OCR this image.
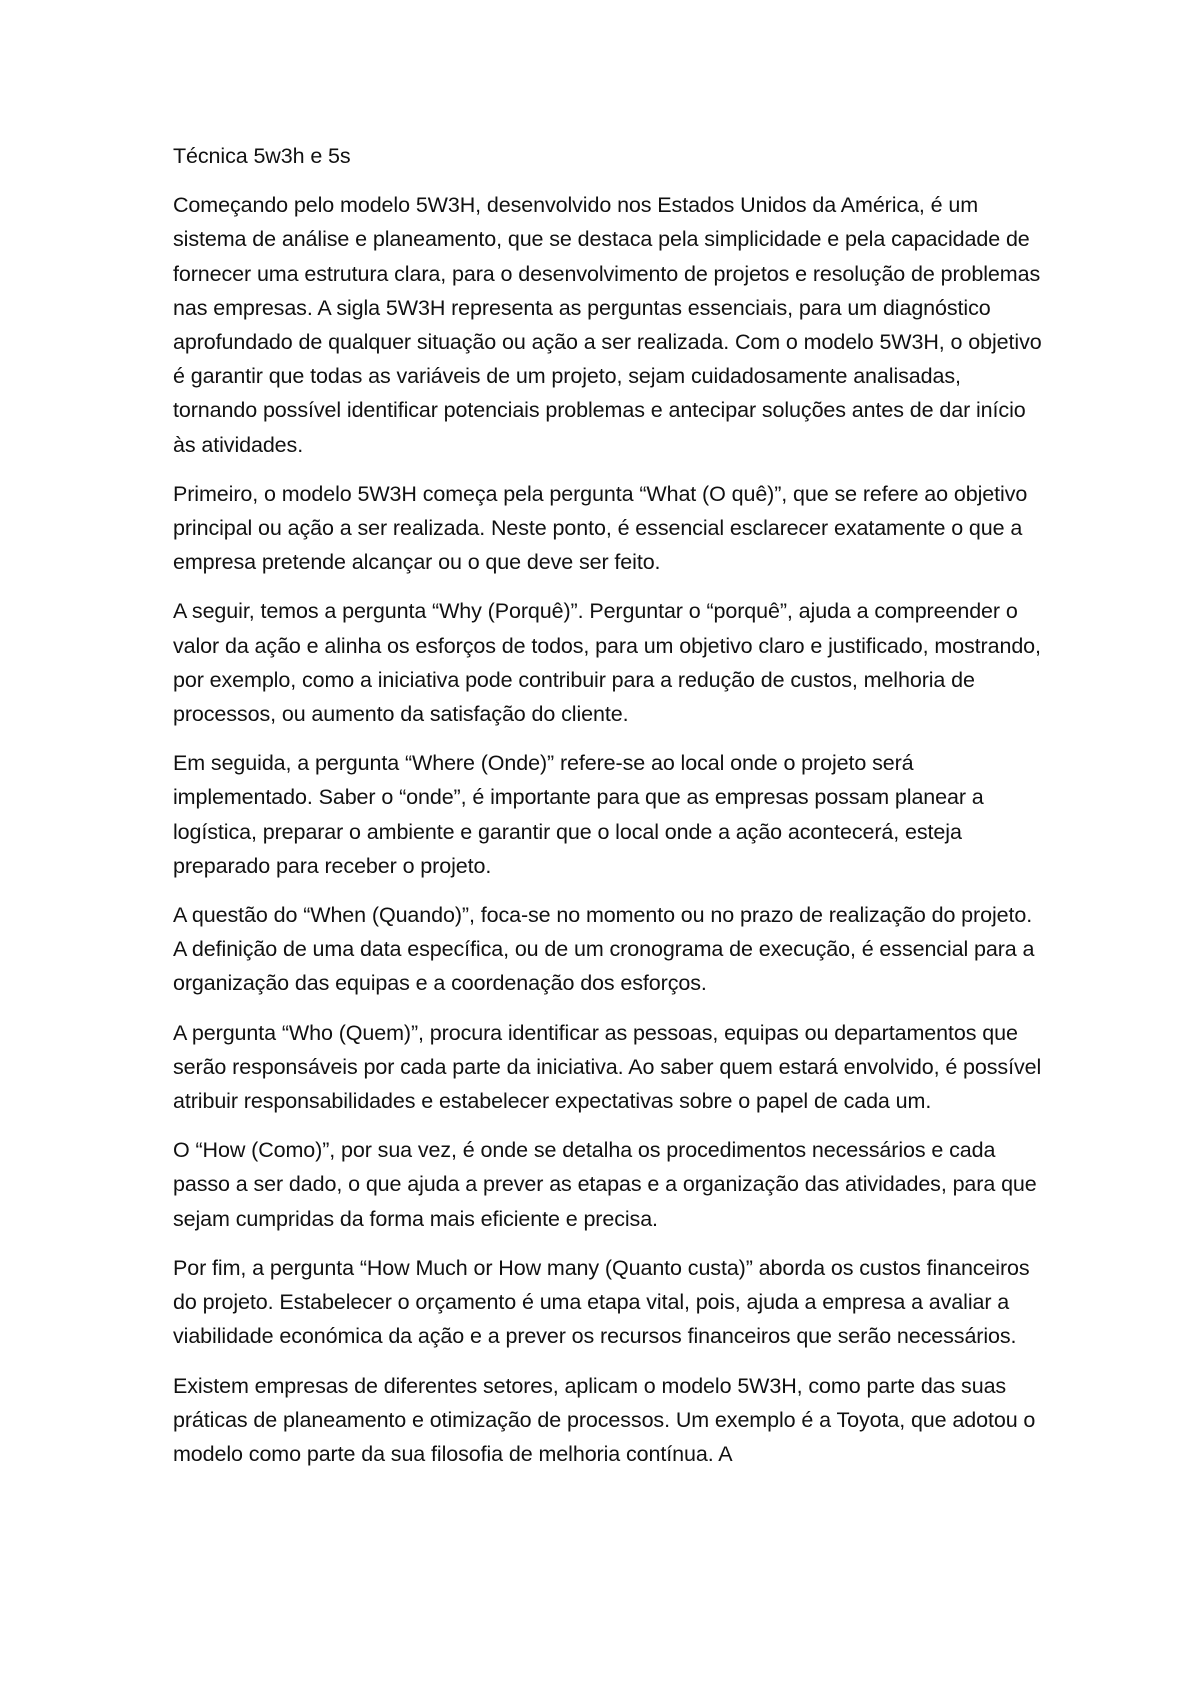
Técnica 5w3h e 5s

Começando pelo modelo 5W3H, desenvolvido nos Estados Unidos da América, é um sistema de análise e planeamento, que se destaca pela simplicidade e pela capacidade de fornecer uma estrutura clara, para o desenvolvimento de projetos e resolução de problemas nas empresas. A sigla 5W3H representa as perguntas essenciais, para um diagnóstico aprofundado de qualquer situação ou ação a ser realizada. Com o modelo 5W3H, o objetivo é garantir que todas as variáveis de um projeto, sejam cuidadosamente analisadas, tornando possível identificar potenciais problemas e antecipar soluções antes de dar início às atividades.

Primeiro, o modelo 5W3H começa pela pergunta “What (O quê)”, que se refere ao objetivo principal ou ação a ser realizada. Neste ponto, é essencial esclarecer exatamente o que a empresa pretende alcançar ou o que deve ser feito.

A seguir, temos a pergunta “Why (Porquê)”. Perguntar o “porquê”, ajuda a compreender o valor da ação e alinha os esforços de todos, para um objetivo claro e justificado, mostrando, por exemplo, como a iniciativa pode contribuir para a redução de custos, melhoria de processos, ou aumento da satisfação do cliente.

Em seguida, a pergunta “Where (Onde)” refere-se ao local onde o projeto será implementado. Saber o “onde”, é importante para que as empresas possam planear a logística, preparar o ambiente e garantir que o local onde a ação acontecerá, esteja preparado para receber o projeto.

A questão do “When (Quando)”, foca-se no momento ou no prazo de realização do projeto. A definição de uma data específica, ou de um cronograma de execução, é essencial para a organização das equipas e a coordenação dos esforços.

A pergunta “Who (Quem)”, procura identificar as pessoas, equipas ou departamentos que serão responsáveis por cada parte da iniciativa. Ao saber quem estará envolvido, é possível atribuir responsabilidades e estabelecer expectativas sobre o papel de cada um.

O “How (Como)”, por sua vez, é onde se detalha os procedimentos necessários e cada passo a ser dado, o que ajuda a prever as etapas e a organização das atividades, para que sejam cumpridas da forma mais eficiente e precisa.

Por fim, a pergunta “How Much or How many (Quanto custa)” aborda os custos financeiros do projeto. Estabelecer o orçamento é uma etapa vital, pois, ajuda a empresa a avaliar a viabilidade económica da ação e a prever os recursos financeiros que serão necessários.

Existem empresas de diferentes setores, aplicam o modelo 5W3H, como parte das suas práticas de planeamento e otimização de processos. Um exemplo é a Toyota, que adotou o modelo como parte da sua filosofia de melhoria contínua. A
